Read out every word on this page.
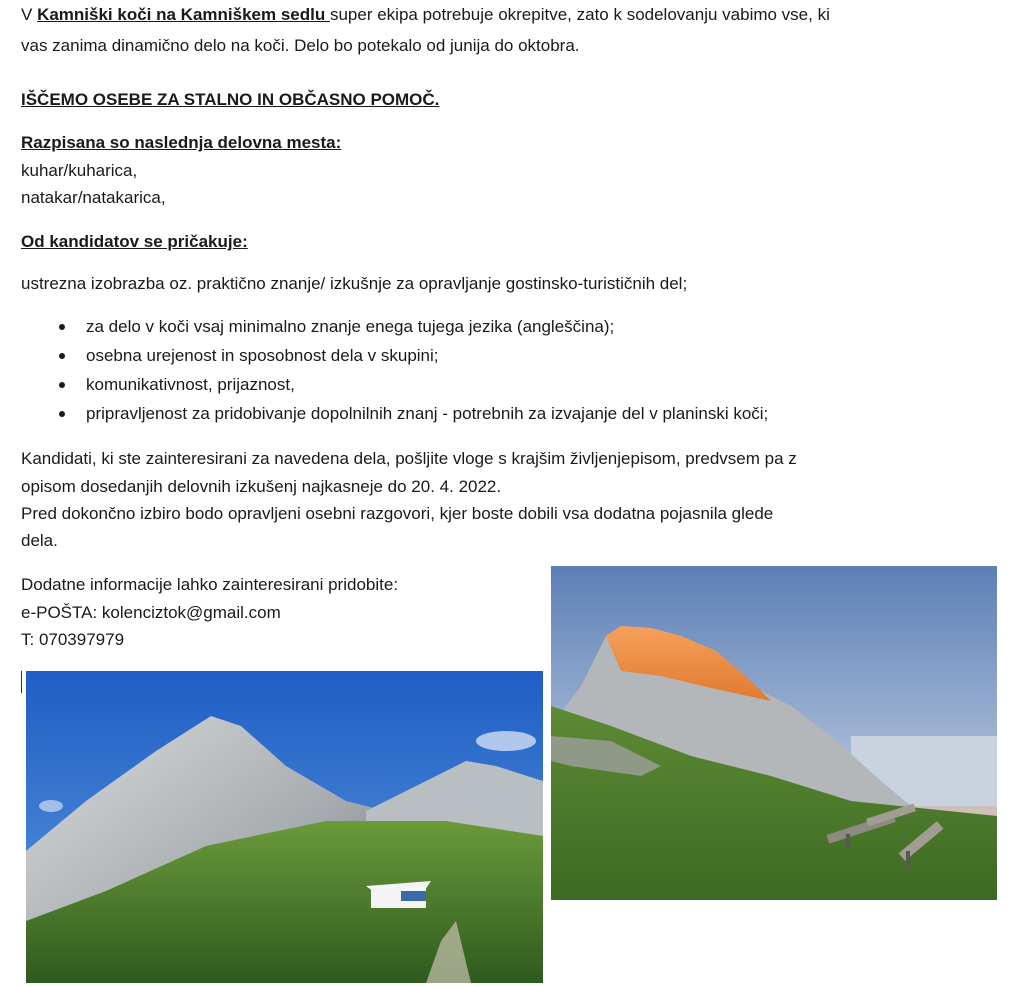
V Kamniški koči na Kamniškem sedlu super ekipa potrebuje okrepitve, zato k sodelovanju vabimo vse, ki
vas zanima dinamično delo na koči. Delo bo potekalo od junija do oktobra.
IŠČEMO OSEBE ZA STALNO IN OBČASNO POMOČ.
Razpisana so naslednja delovna mesta:
kuhar/kuharica,
natakar/natakarica,
Od kandidatov se pričakuje:
ustrezna izobrazba oz. praktično znanje/ izkušnje za opravljanje gostinsko-turističnih del;
za delo v koči vsaj minimalno znanje enega tujega jezika (angleščina);
osebna urejenost in sposobnost dela v skupini;
komunikativnost, prijaznost,
pripravljenost za pridobivanje dopolnilnih znanj - potrebnih za izvajanje del v planinski koči;
Kandidati, ki ste zainteresirani za navedena dela, pošljite vloge s krajšim življenjepisom, predvsem pa z
opisom dosedanjih delovnih izkušenj najkasneje do 20. 4. 2022.
Pred dokončno izbiro bodo opravljeni osebni razgovori, kjer boste dobili vsa dodatna pojasnila glede
dela.
Dodatne informacije lahko zainteresirani pridobite:
e-POŠTA: kolenciztok@gmail.com
T: 070397979
